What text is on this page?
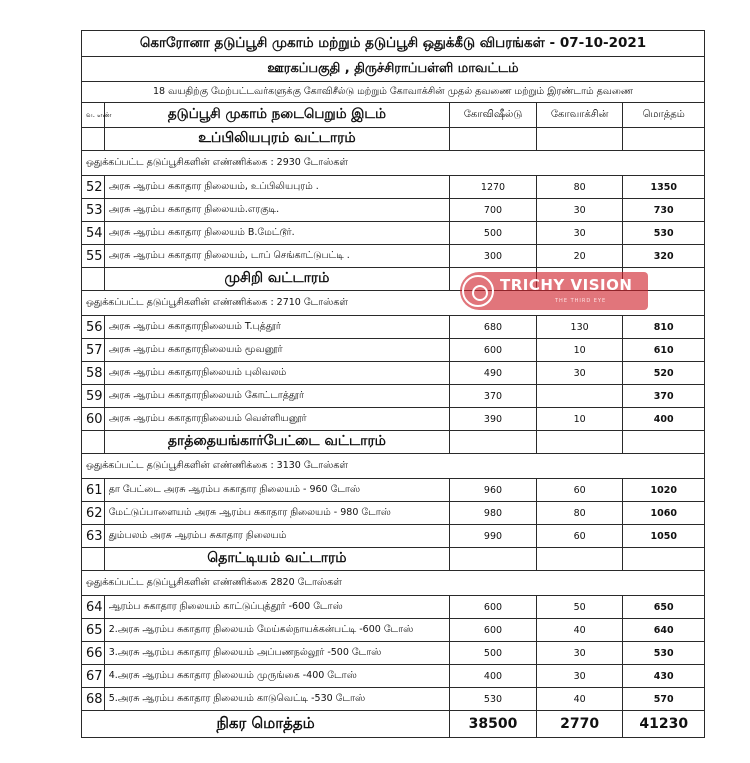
கொரோனா தடுப்பூசி முகாம் மற்றும் தடுப்பூசி ஒதுக்கீடு விபரங்கள் - 07-10-2021				
ஊரகப்பகுதி , திருச்சிராப்பள்ளி மாவட்டம்				
18 வயதிற்கு மேற்பட்டவர்களுக்கு கோவிசீல்டு மற்றும் கோவாக்சின் முதல் தவணை மற்றும் இரண்டாம் தவணை				
வ. எண்	தடுப்பூசி முகாம் நடைபெறும் இடம்	கோவிஷீல்டு	கோவாக்சின்	மொத்தம்
	உப்பிலியபுரம் வட்டாரம்			
ஒதுக்கப்பட்ட தடுப்பூசிகளின் எண்ணிக்கை : 2930 டோஸ்கள்				
52	அரசு ஆரம்ப சுகாதார நிலையம், உப்பிலியபுரம் .	1270	80	1350
53	அரசு ஆரம்ப சுகாதார நிலையம்.எரகுடி.	700	30	730
54	அரசு ஆரம்ப சுகாதார நிலையம் B.மேட்டூர்.	500	30	530
55	அரசு ஆரம்ப சுகாதார நிலையம், டாப் செங்காட்டுபட்டி .	300	20	320
	முசிறி வட்டாரம்			
ஒதுக்கப்பட்ட தடுப்பூசிகளின் எண்ணிக்கை : 2710 டோஸ்கள்				
56	அரசு ஆரம்ப சுகாதாரநிலையம் T.புத்தூர்	680	130	810
57	அரசு ஆரம்ப சுகாதாரநிலையம் மூவனூர்	600	10	610
58	அரசு ஆரம்ப சுகாதாரநிலையம் புலிவலம்	490	30	520
59	அரசு ஆரம்ப சுகாதாரநிலையம் கோட்டாத்தூர்	370		370
60	அரசு ஆரம்ப சுகாதாரநிலையம் வெள்ளியனூர்	390	10	400
	தாத்தையங்கார்பேட்டை வட்டாரம்			
ஒதுக்கப்பட்ட தடுப்பூசிகளின் எண்ணிக்கை : 3130 டோஸ்கள்				
61	தா பேட்டை அரசு ஆரம்ப சுகாதார நிலையம் - 960 டோஸ்	960	60	1020
62	மேட்டுப்பாளையம் அரசு ஆரம்ப சுகாதார நிலையம் - 980 டோஸ்	980	80	1060
63	தும்பலம் அரசு ஆரம்ப சுகாதார நிலையம்	990	60	1050
	தொட்டியம் வட்டாரம்			
ஒதுக்கப்பட்ட தடுப்பூசிகளின் எண்ணிக்கை 2820 டோஸ்கள்				
64	ஆரம்ப சுகாதார நிலையம் காட்டுப்புத்தூர் -600 டோஸ்	600	50	650
65	2.அரசு ஆரம்ப சுகாதார நிலையம் மேய்கல்நாயக்கன்பட்டி -600 டோஸ்	600	40	640
66	3.அரசு ஆரம்ப சுகாதார நிலையம் அப்பணநல்லூர் -500 டோஸ்	500	30	530
67	4.அரசு ஆரம்ப சுகாதார நிலையம் முருங்கை -400 டோஸ்	400	30	430
68	5.அரசு ஆரம்ப சுகாதார நிலையம் காடுவெட்டி -530 டோஸ்	530	40	570
நிகர மொத்தம்		38500	2770	41230
TRICHY VISION
THE THIRD EYE
